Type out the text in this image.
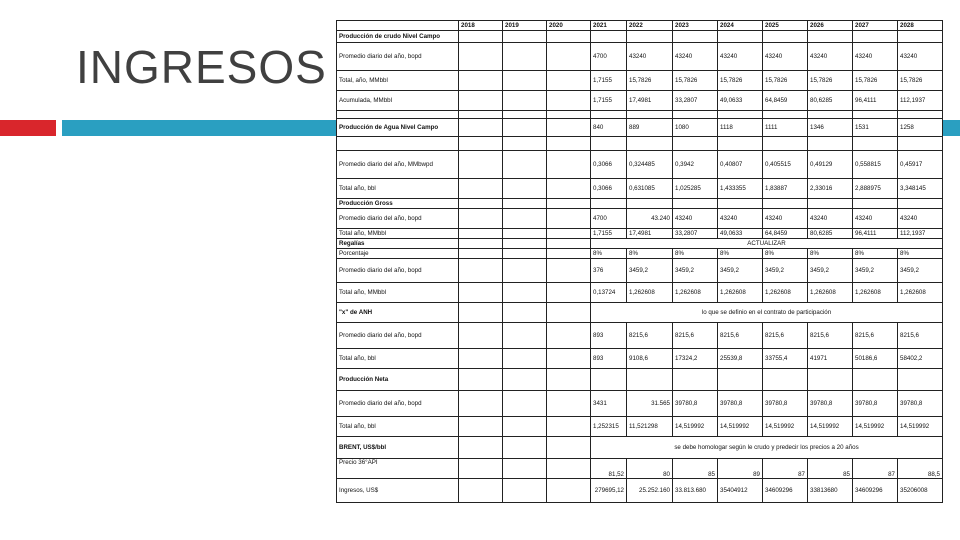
INGRESOS
	2018	2019	2020	2021	2022	2023	2024	2025	2026	2027	2028
Producción de crudo Nivel Campo											
Promedio diario del año, bopd				4700	43240	43240	43240	43240	43240	43240	43240
Total, año, MMbbl				1,7155	15,7826	15,7826	15,7826	15,7826	15,7826	15,7826	15,7826
Acumulada, MMbbl				1,7155	17,4981	33,2807	49,0633	64,8459	80,6285	96,4111	112,1937

Producción de Agua Nivel Campo				840	889	1080	1118	1111	1346	1531	1258

Promedio diario del año, MMbwpd				0,3066	0,324485	0,3942	0,40807	0,405515	0,49129	0,558815	0,45917
Total año, bbl				0,3066	0,631085	1,025285	1,433355	1,83887	2,33016	2,888975	3,348145
Producción Gross											
Promedio diario del año, bopd				4700	43.240	43240	43240	43240	43240	43240	43240
Total año, MMbbl				1,7155	17,4981	33,2807	49,0633	64,8459	80,6285	96,4111	112,1937
Regalías				ACTUALIZAR							
Porcentaje				8%	8%	8%	8%	8%	8%	8%	8%
Promedio diario del año, bopd				376	3459,2	3459,2	3459,2	3459,2	3459,2	3459,2	3459,2
Total año, MMbbl				0,13724	1,262608	1,262608	1,262608	1,262608	1,262608	1,262608	1,262608
"x" de ANH				lo que se definio en el contrato de participación							
Promedio diario del año, bopd				893	8215,6	8215,6	8215,6	8215,6	8215,6	8215,6	8215,6
Total año, bbl				893	9108,6	17324,2	25539,8	33755,4	41971	50186,6	58402,2
Producción Neta											
Promedio diario del año, bopd				3431	31.565	39780,8	39780,8	39780,8	39780,8	39780,8	39780,8
Total año, bbl				1,252315	11,521298	14,519992	14,519992	14,519992	14,519992	14,519992	14,519992
BRENT, US$/bbl				se debe homologar según le crudo y predecir los precios a 20 años							
Precio 36°API				81,52	80	85	89	87	85	87	88,5
Ingresos, US$				279695,12	25.252.160	33.813.680	35404912	34609296	33813680	34609296	35206008
